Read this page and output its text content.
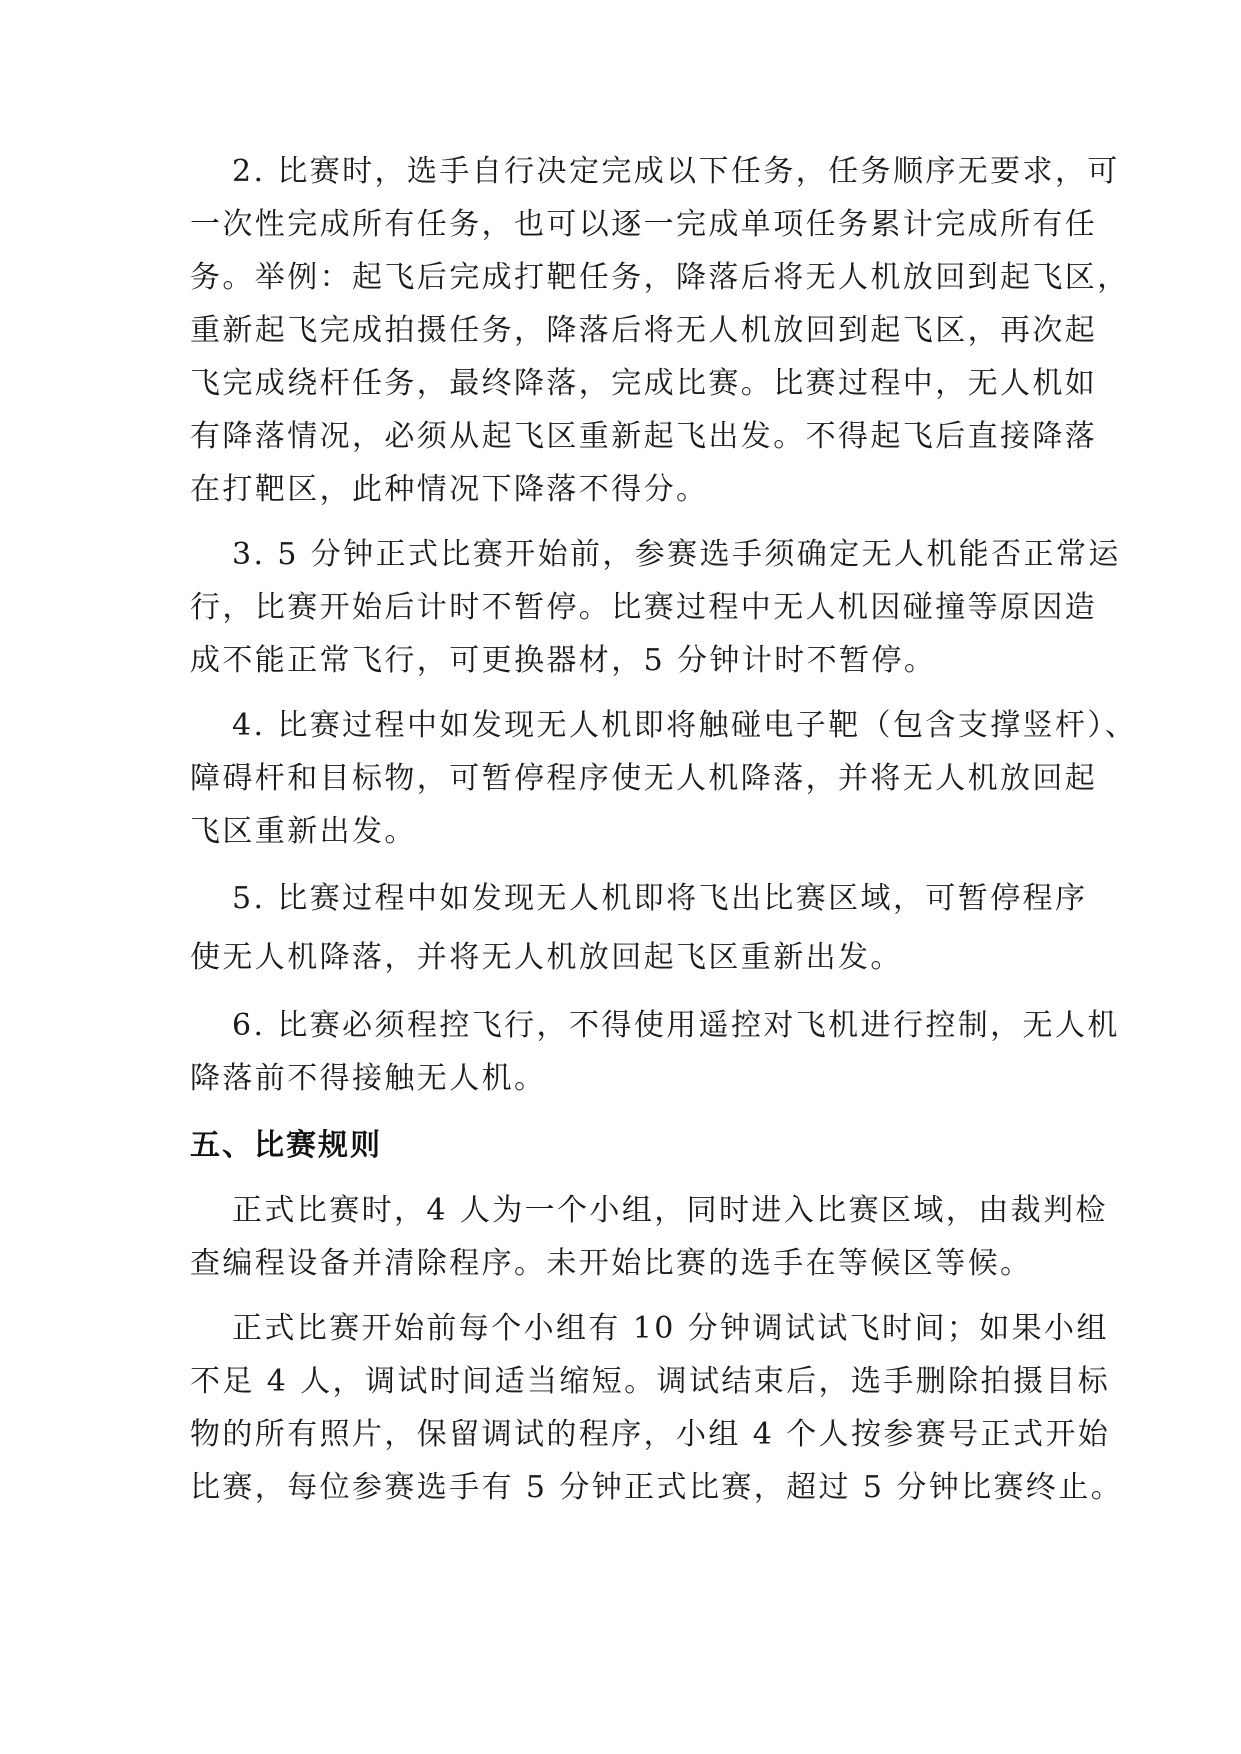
2. 比赛时，选手自行决定完成以下任务，任务顺序无要求，可

一次性完成所有任务，也可以逐一完成单项任务累计完成所有任

务。举例：起飞后完成打靶任务，降落后将无人机放回到起飞区，

重新起飞完成拍摄任务，降落后将无人机放回到起飞区，再次起

飞完成绕杆任务，最终降落，完成比赛。比赛过程中，无人机如

有降落情况，必须从起飞区重新起飞出发。不得起飞后直接降落

在打靶区，此种情况下降落不得分。

3. 5 分钟正式比赛开始前，参赛选手须确定无人机能否正常运

行，比赛开始后计时不暂停。比赛过程中无人机因碰撞等原因造

成不能正常飞行，可更换器材，5 分钟计时不暂停。

4. 比赛过程中如发现无人机即将触碰电子靶（包含支撑竖杆）、

障碍杆和目标物，可暂停程序使无人机降落，并将无人机放回起

飞区重新出发。

5. 比赛过程中如发现无人机即将飞出比赛区域，可暂停程序

使无人机降落，并将无人机放回起飞区重新出发。

6. 比赛必须程控飞行，不得使用遥控对飞机进行控制，无人机

降落前不得接触无人机。

五、比赛规则

正式比赛时，4 人为一个小组，同时进入比赛区域，由裁判检

查编程设备并清除程序。未开始比赛的选手在等候区等候。

正式比赛开始前每个小组有 10 分钟调试试飞时间；如果小组

不足 4 人，调试时间适当缩短。调试结束后，选手删除拍摄目标

物的所有照片，保留调试的程序，小组 4 个人按参赛号正式开始

比赛，每位参赛选手有 5 分钟正式比赛，超过 5 分钟比赛终止。
